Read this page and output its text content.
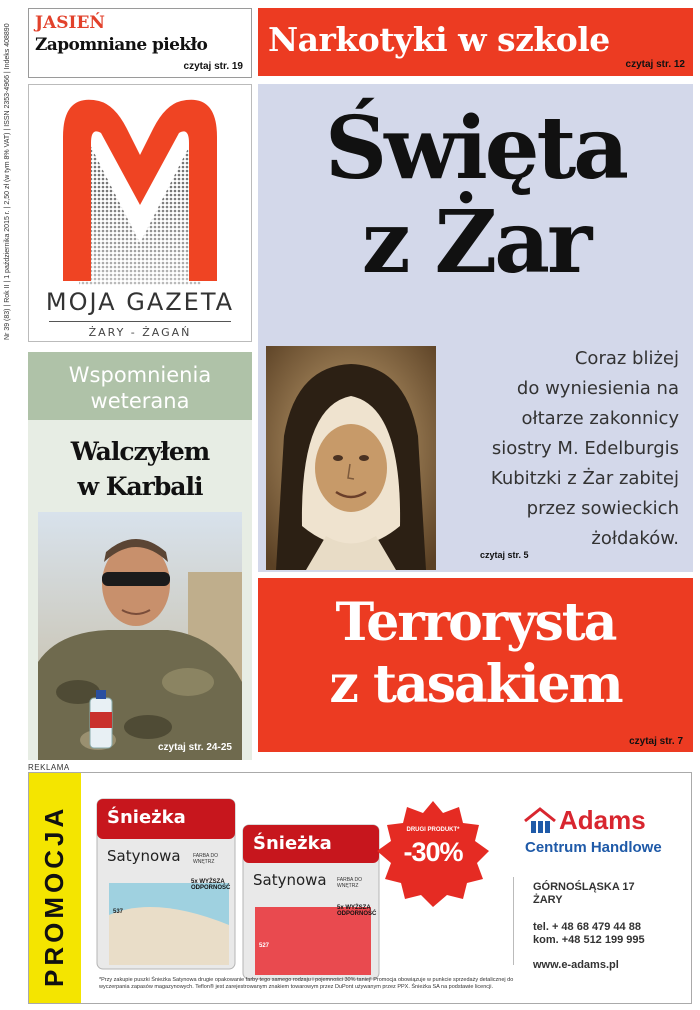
JASIEŃ
Zapomniane piekło
czytaj str. 19
Narkotyki w szkole
czytaj str. 12
MOJA GAZETA
ŻARY - ŻAGAŃ
Nr 39 (83) | Rok II | 1 października 2015 r. | 2,50 zł (w tym 8% VAT) | ISSN 2353-4966 | Indeks 408890	Święta
z Żar
Coraz bliżej
do wyniesienia na
ołtarze zakonnicy
siostry M. Edelburgis
Kubitzki z Żar zabitej
przez sowieckich
żołdaków.
czytaj str. 5
Wspomnienia
weterana
Walczyłem
w Karbali
czytaj str. 24-25
Terrorysta
z tasakiem
czytaj str. 7
REKLAMA
PROMOCJA Śnieżka
Satynowa FARBA DO WNĘTRZ
5x WYŻSZA ODPORNOŚĆ
537
Śnieżka
Satynowa FARBA DO WNĘTRZ
5x WYŻSZA ODPORNOŚĆ
527
DRUGI PRODUKT*
-30%
Adams
Centrum Handlowe
GÓRNOŚLĄSKA 17
ŻARY
tel. + 48 68 479 44 88
kom. +48 512 199 995
www.e-adams.pl
*Przy zakupie puszki Śnieżka Satynowa drugie opakowanie farby tego samego rodzaju i pojemności 30% taniej! Promocja obowiązuje w punkcie sprzedaży detalicznej do wyczerpania zapasów magazynowych. Teflon® jest zarejestrowanym znakiem towarowym przez DuPont używanym przez PPX. Śnieżka SA na podstawie licencji.
